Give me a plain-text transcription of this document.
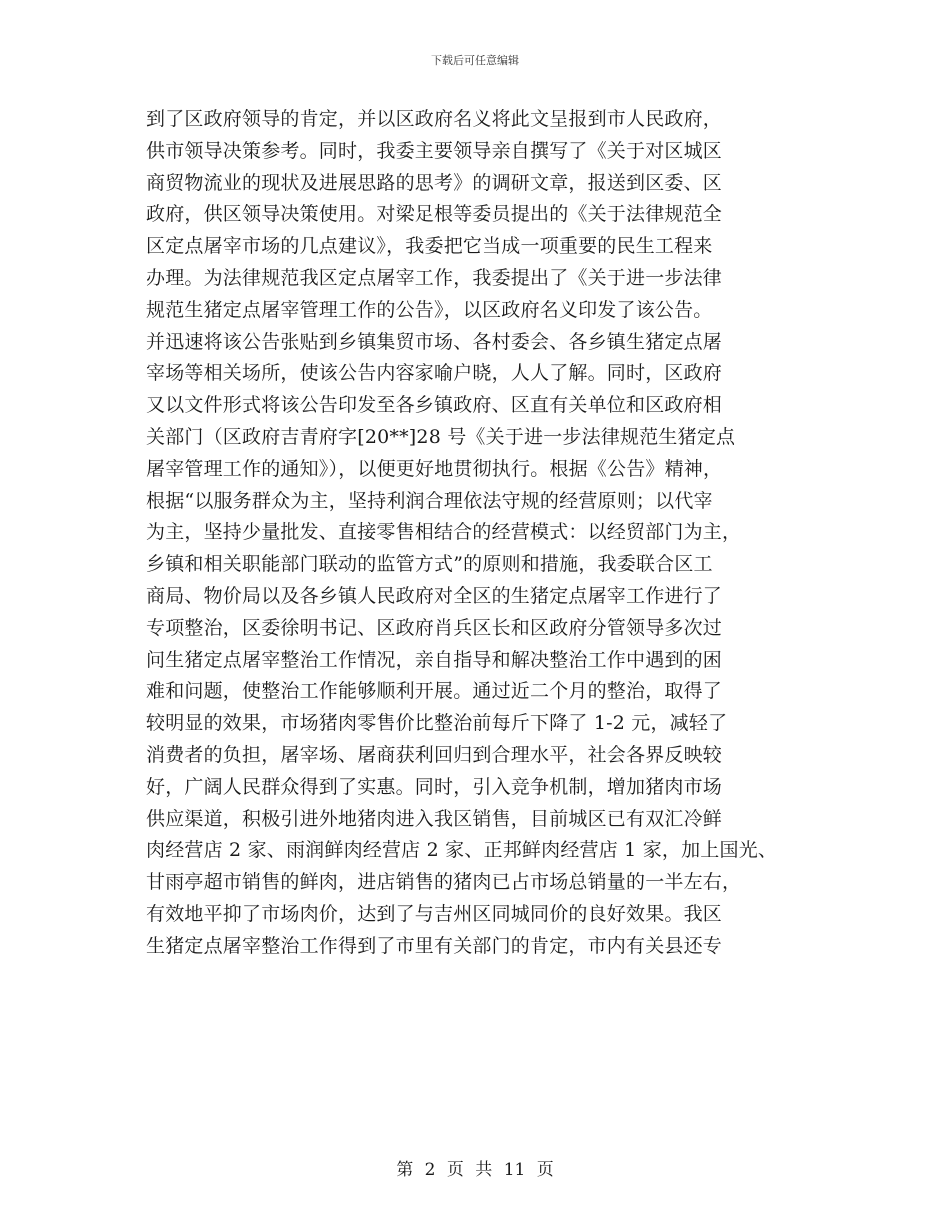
下载后可任意编辑
到了区政府领导的肯定，并以区政府名义将此文呈报到市人民政府，
供市领导决策参考。同时，我委主要领导亲自撰写了《关于对区城区
商贸物流业的现状及进展思路的思考》的调研文章，报送到区委、区
政府，供区领导决策使用。对梁足根等委员提出的《关于法律规范全
区定点屠宰市场的几点建议》，我委把它当成一项重要的民生工程来
办理。为法律规范我区定点屠宰工作，我委提出了《关于进一步法律
规范生猪定点屠宰管理工作的公告》，以区政府名义印发了该公告。
并迅速将该公告张贴到乡镇集贸市场、各村委会、各乡镇生猪定点屠
宰场等相关场所，使该公告内容家喻户晓，人人了解。同时，区政府
又以文件形式将该公告印发至各乡镇政府、区直有关单位和区政府相
关部门（区政府吉青府字[20**]28 号《关于进一步法律规范生猪定点
屠宰管理工作的通知》），以便更好地贯彻执行。根据《公告》精神，
根据“以服务群众为主，坚持利润合理依法守规的经营原则；以代宰
为主，坚持少量批发、直接零售相结合的经营模式：以经贸部门为主，
乡镇和相关职能部门联动的监管方式”的原则和措施，我委联合区工
商局、物价局以及各乡镇人民政府对全区的生猪定点屠宰工作进行了
专项整治，区委徐明书记、区政府肖兵区长和区政府分管领导多次过
问生猪定点屠宰整治工作情况，亲自指导和解决整治工作中遇到的困
难和问题，使整治工作能够顺利开展。通过近二个月的整治，取得了
较明显的效果，市场猪肉零售价比整治前每斤下降了 1-2 元，减轻了
消费者的负担，屠宰场、屠商获利回归到合理水平，社会各界反映较
好，广阔人民群众得到了实惠。同时，引入竞争机制，增加猪肉市场
供应渠道，积极引进外地猪肉进入我区销售，目前城区已有双汇冷鲜
肉经营店 2 家、雨润鲜肉经营店 2 家、正邦鲜肉经营店 1 家，加上国光、
甘雨亭超市销售的鲜肉，进店销售的猪肉已占市场总销量的一半左右，
有效地平抑了市场肉价，达到了与吉州区同城同价的良好效果。我区
生猪定点屠宰整治工作得到了市里有关部门的肯定，市内有关县还专
第 2 页 共 11 页
